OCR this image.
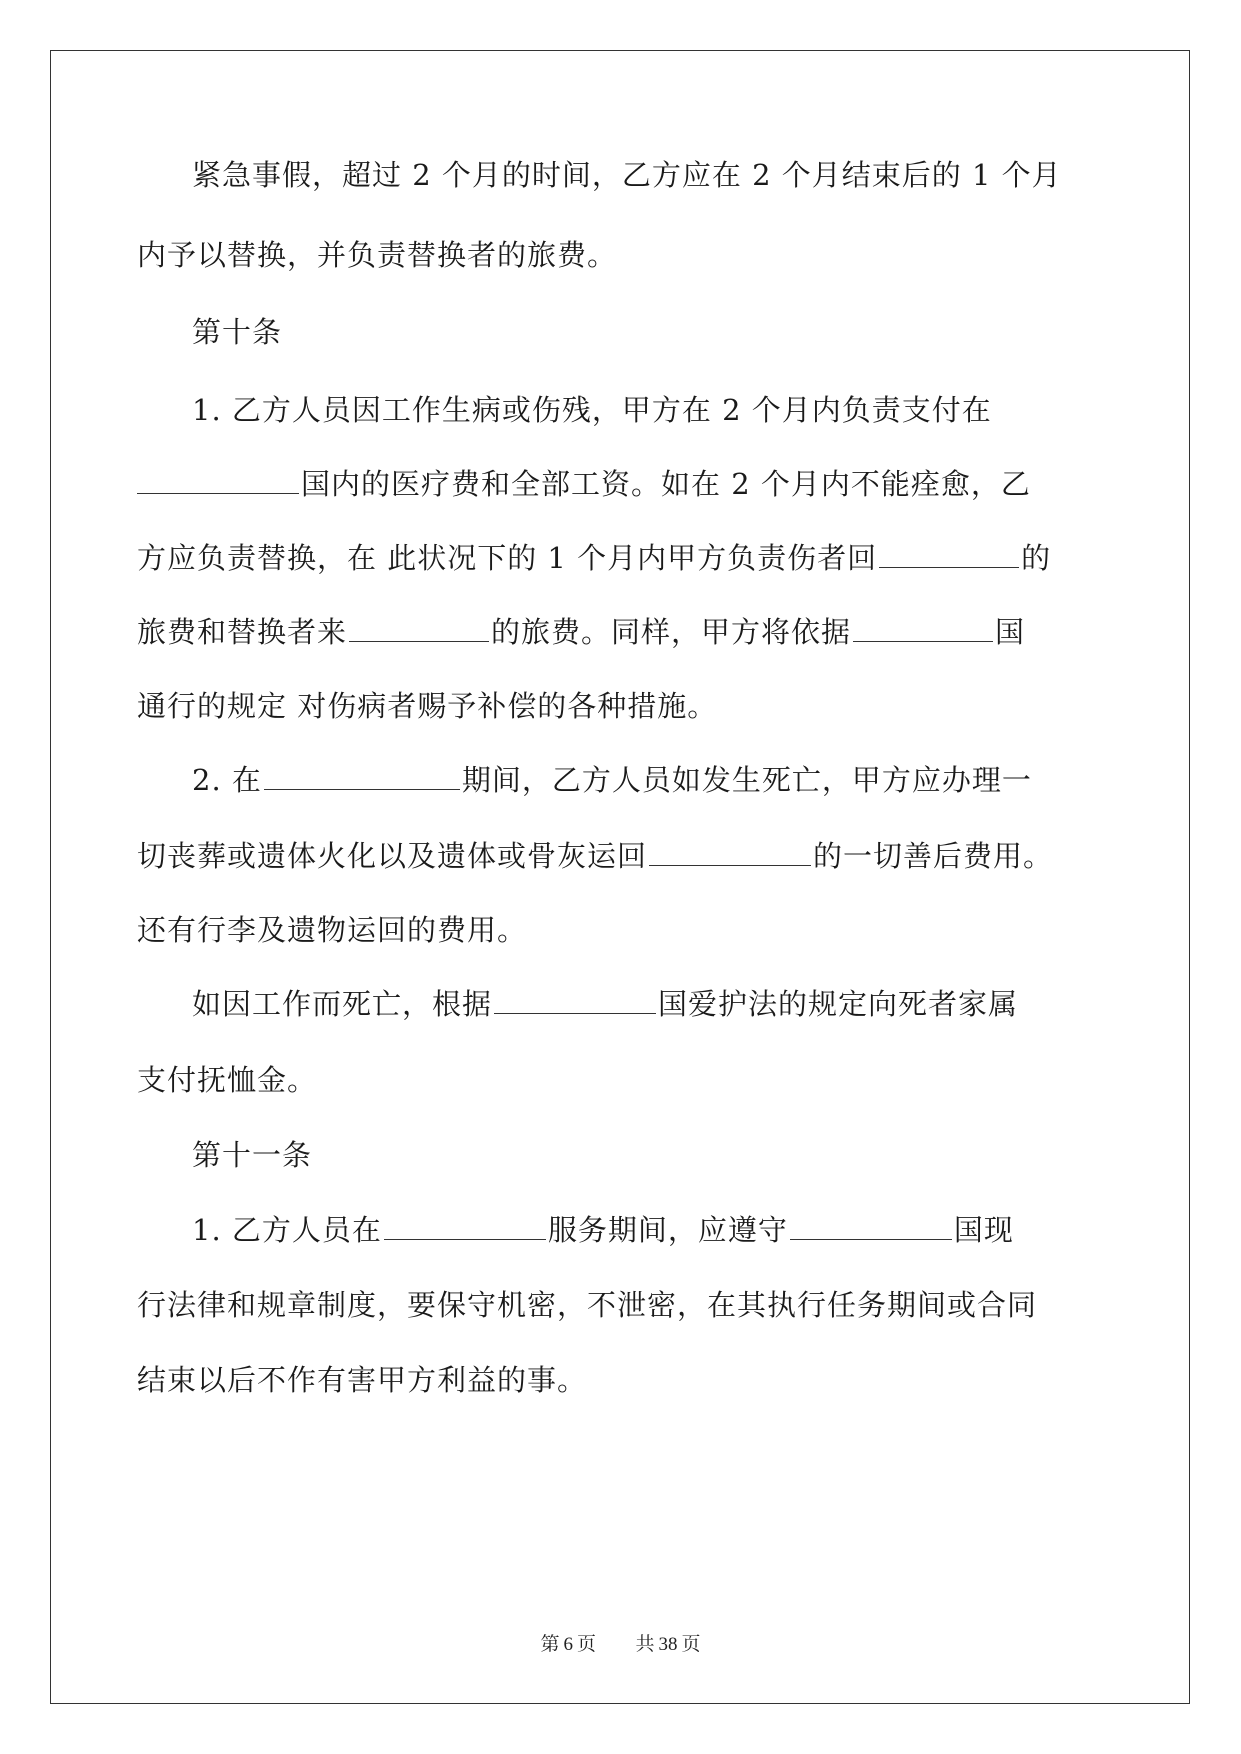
紧急事假，超过 2 个月的时间，乙方应在 2 个月结束后的 1 个月
内予以替换，并负责替换者的旅费。
第十条
1. 乙方人员因工作生病或伤残，甲方在 2 个月内负责支付在
国内的医疗费和全部工资。如在 2 个月内不能痊愈，乙
方应负责替换，在 此状况下的 1 个月内甲方负责伤者回	的
旅费和替换者来	的旅费。同样，甲方将依据	国
通行的规定 对伤病者赐予补偿的各种措施。
2. 在	期间，乙方人员如发生死亡，甲方应办理一
切丧葬或遗体火化以及遗体或骨灰运回	的一切善后费用。
还有行李及遗物运回的费用。
如因工作而死亡，根据	国爱护法的规定向死者家属
支付抚恤金。
第十一条
1. 乙方人员在	服务期间，应遵守	国现
行法律和规章制度，要保守机密，不泄密，在其执行任务期间或合同
结束以后不作有害甲方利益的事。
第 6 页 共 38 页
